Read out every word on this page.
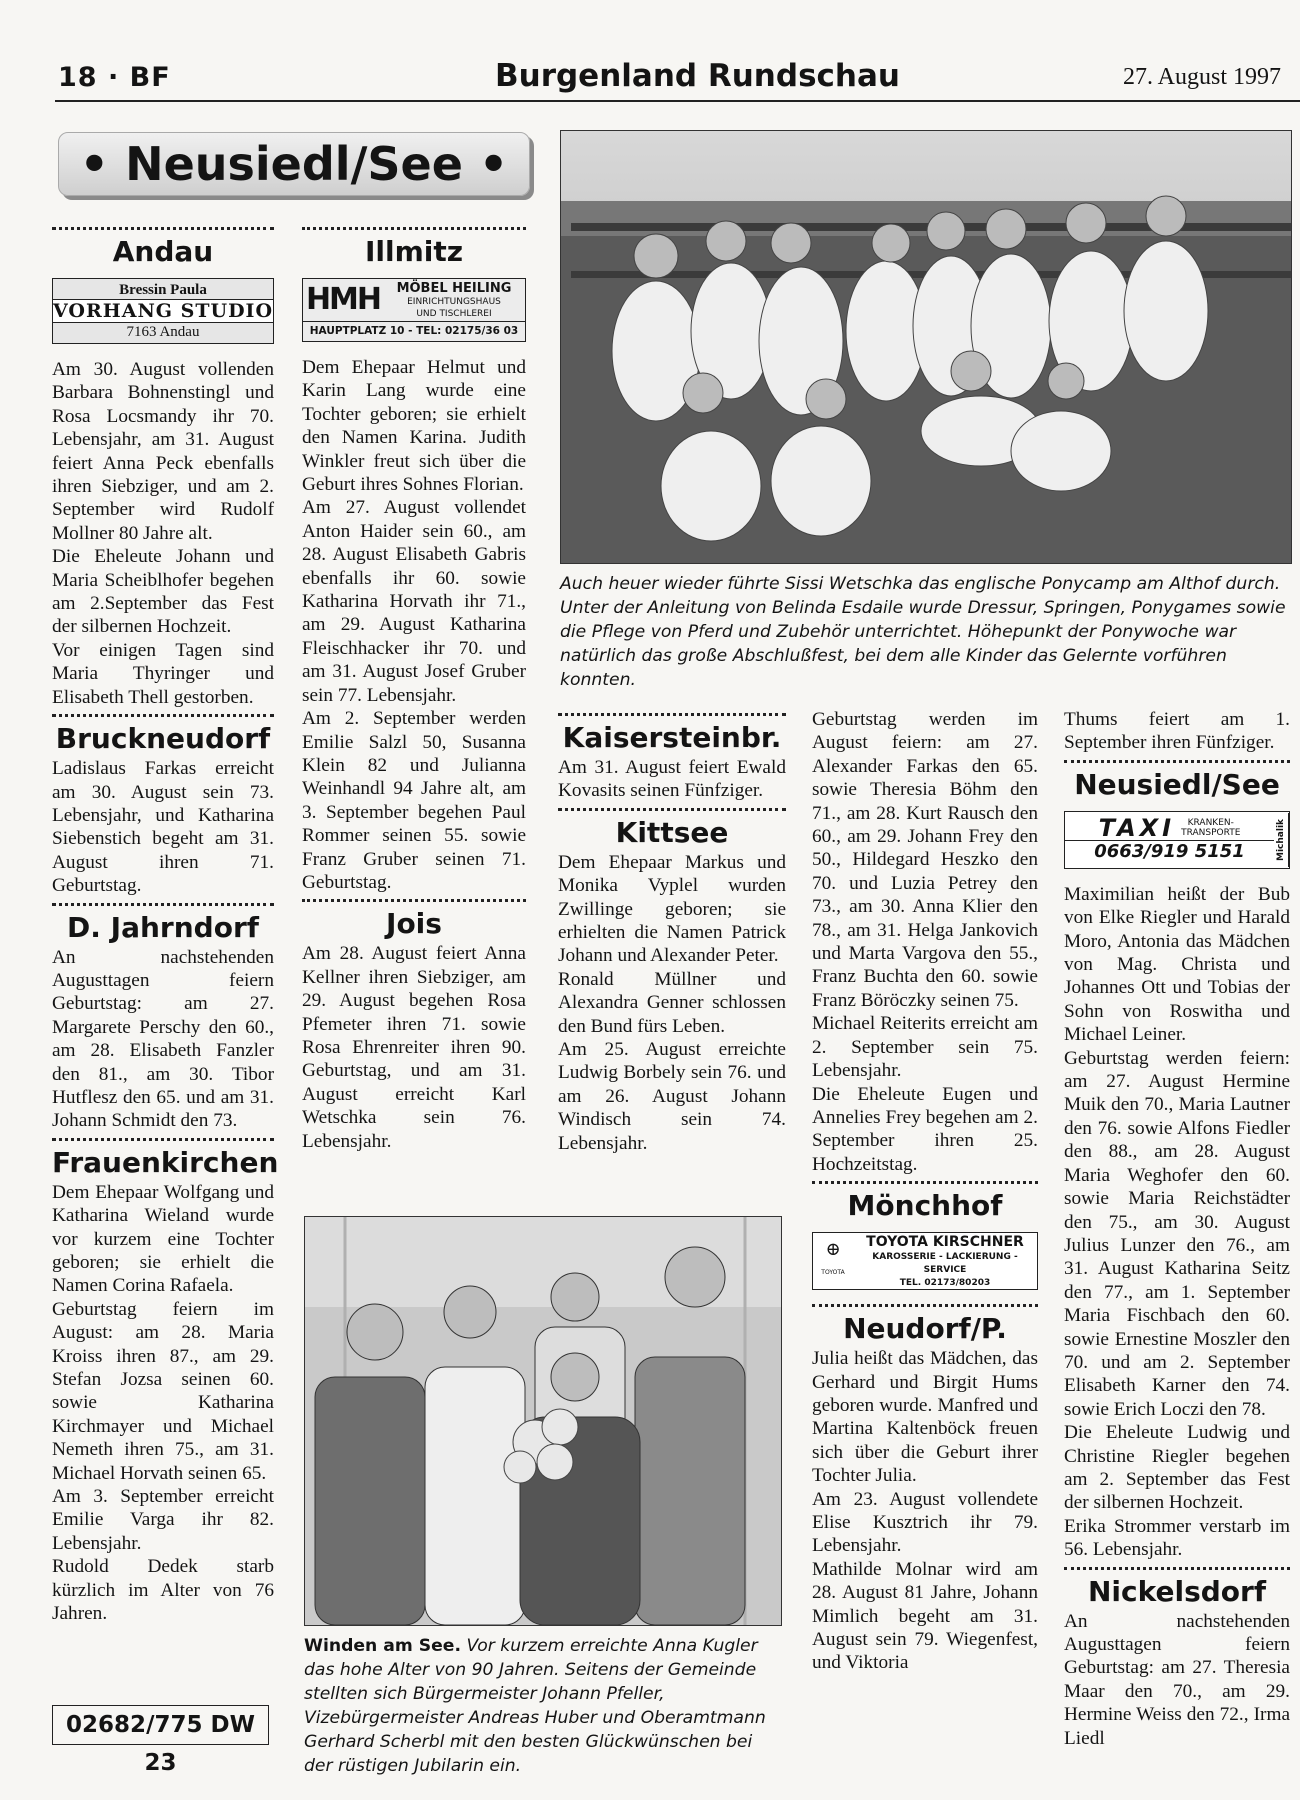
18 · BF	Burgenland Rundschau	27. August 1997
• Neusiedl/See •

Andau

Bressin Paula
VORHANG STUDIO
7163 Andau

Am 30. August vollenden Barbara Bohnenstingl und Rosa Locsmandy ihr 70. Lebensjahr, am 31. August feiert Anna Peck ebenfalls ihren Siebziger, und am 2. September wird Rudolf Mollner 80 Jahre alt.

Die Eheleute Johann und Maria Scheiblhofer begehen am 2.September das Fest der silbernen Hochzeit.

Vor einigen Tagen sind Maria Thyringer und Elisabeth Thell gestorben.

Bruckneudorf

Ladislaus Farkas erreicht am 30. August sein 73. Lebensjahr, und Katharina Siebenstich begeht am 31. August ihren 71. Geburtstag.

D. Jahrndorf

An nachstehenden Augusttagen feiern Geburtstag: am 27. Margarete Perschy den 60., am 28. Elisabeth Fanzler den 81., am 30. Tibor Hutflesz den 65. und am 31. Johann Schmidt den 73.

Frauenkirchen

Dem Ehepaar Wolfgang und Katharina Wieland wurde vor kurzem eine Tochter geboren; sie erhielt die Namen Corina Rafaela.

Geburtstag feiern im August: am 28. Maria Kroiss ihren 87., am 29. Stefan Jozsa seinen 60. sowie Katharina Kirchmayer und Michael Nemeth ihren 75., am 31. Michael Horvath seinen 65.

Am 3. September erreicht Emilie Varga ihr 82. Lebensjahr.

Rudold Dedek starb kürzlich im Alter von 76 Jahren.

02682/775 DW 23

Illmitz

HMH	MÖBEL HEILING
EINRICHTUNGSHAUS
UND TISCHLEREI
HAUPTPLATZ 10 - TEL: 02175/36 03

Dem Ehepaar Helmut und Karin Lang wurde eine Tochter geboren; sie erhielt den Namen Karina. Judith Winkler freut sich über die Geburt ihres Sohnes Florian.

Am 27. August vollendet Anton Haider sein 60., am 28. August Elisabeth Gabris ebenfalls ihr 60. sowie Katharina Horvath ihr 71., am 29. August Katharina Fleischhacker ihr 70. und am 31. August Josef Gruber sein 77. Lebensjahr.

Am 2. September werden Emilie Salzl 50, Susanna Klein 82 und Julianna Weinhandl 94 Jahre alt, am 3. September begehen Paul Rommer seinen 55. sowie Franz Gruber seinen 71. Geburtstag.

Jois

Am 28. August feiert Anna Kellner ihren Siebziger, am 29. August begehen Rosa Pfemeter ihren 71. sowie Rosa Ehrenreiter ihren 90. Geburtstag, und am 31. August erreicht Karl Wetschka sein 76. Lebensjahr.

Auch heuer wieder führte Sissi Wetschka das englische Ponycamp am Althof durch. Unter der Anleitung von Belinda Esdaile wurde Dressur, Springen, Ponygames sowie die Pflege von Pferd und Zubehör unterrichtet. Höhepunkt der Ponywoche war natürlich das große Abschlußfest, bei dem alle Kinder das Gelernte vorführen konnten.

Kaisersteinbr.

Am 31. August feiert Ewald Kovasits seinen Fünfziger.

Kittsee

Dem Ehepaar Markus und Monika Vyplel wurden Zwillinge geboren; sie erhielten die Namen Patrick Johann und Alexander Peter.

Ronald Müllner und Alexandra Genner schlossen den Bund fürs Leben.

Am 25. August erreichte Ludwig Borbely sein 76. und am 26. August Johann Windisch sein 74. Lebensjahr.

Winden am See. Vor kurzem erreichte Anna Kugler das hohe Alter von 90 Jahren. Seitens der Gemeinde stellten sich Bürgermeister Johann Pfeller, Vizebürgermeister Andreas Huber und Oberamtmann Gerhard Scherbl mit den besten Glückwünschen bei der rüstigen Jubilarin ein.

Geburtstag werden im August feiern: am 27. Alexander Farkas den 65. sowie Theresia Böhm den 71., am 28. Kurt Rausch den 60., am 29. Johann Frey den 50., Hildegard Heszko den 70. und Luzia Petrey den 73., am 30. Anna Klier den 78., am 31. Helga Jankovich und Marta Vargova den 55., Franz Buchta den 60. sowie Franz Böröczky seinen 75.

Michael Reiterits erreicht am 2. September sein 75. Lebensjahr.

Die Eheleute Eugen und Annelies Frey begehen am 2. September ihren 25. Hochzeitstag.

Mönchhof

⊕
TOYOTA
TOYOTA KIRSCHNER
KAROSSERIE - LACKIERUNG - SERVICE
TEL. 02173/80203

Neudorf/P.

Julia heißt das Mädchen, das Gerhard und Birgit Hums geboren wurde. Manfred und Martina Kaltenböck freuen sich über die Geburt ihrer Tochter Julia.

Am 23. August vollendete Elise Kusztrich ihr 79. Lebensjahr.

Mathilde Molnar wird am 28. August 81 Jahre, Johann Mimlich begeht am 31. August sein 79. Wiegenfest, und Viktoria

Thums feiert am 1. September ihren Fünfziger.

Neusiedl/See

TAXI	KRANKEN-
TRANSPORTE
0663/919 5151	Michalik

Maximilian heißt der Bub von Elke Riegler und Harald Moro, Antonia das Mädchen von Mag. Christa und Johannes Ott und Tobias der Sohn von Roswitha und Michael Leiner.

Geburtstag werden feiern: am 27. August Hermine Muik den 70., Maria Lautner den 76. sowie Alfons Fiedler den 88., am 28. August Maria Weghofer den 60. sowie Maria Reichstädter den 75., am 30. August Julius Lunzer den 76., am 31. August Katharina Seitz den 77., am 1. September Maria Fischbach den 60. sowie Ernestine Moszler den 70. und am 2. September Elisabeth Karner den 74. sowie Erich Loczi den 78.

Die Eheleute Ludwig und Christine Riegler begehen am 2. September das Fest der silbernen Hochzeit.

Erika Strommer verstarb im 56. Lebensjahr.

Nickelsdorf

An nachstehenden Augusttagen feiern Geburtstag: am 27. Theresia Maar den 70., am 29. Hermine Weiss den 72., Irma Liedl
